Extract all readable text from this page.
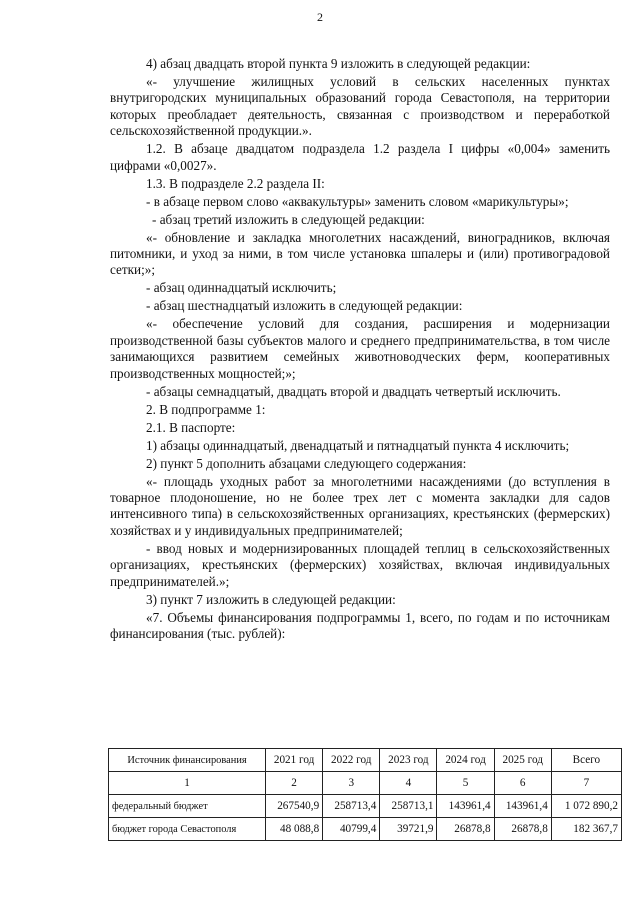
2

4) абзац двадцать второй пункта 9 изложить в следующей редакции:

«- улучшение жилищных условий в сельских населенных пунктах внутригородских муниципальных образований города Севастополя, на территории которых преобладает деятельность, связанная с производством и переработкой сельскохозяйственной продукции.».

1.2. В абзаце двадцатом подраздела 1.2 раздела I цифры «0,004» заменить цифрами «0,0027».

1.3. В подразделе 2.2 раздела II:

- в абзаце первом слово «аквакультуры» заменить словом «марикультуры»;

- абзац третий изложить в следующей редакции:

«- обновление и закладка многолетних насаждений, виноградников, включая питомники, и уход за ними, в том числе установка шпалеры и (или) противоградовой сетки;»;

- абзац одиннадцатый исключить;

- абзац шестнадцатый изложить в следующей редакции:

«- обеспечение условий для создания, расширения и модернизации производственной базы субъектов малого и среднего предпринимательства, в том числе занимающихся развитием семейных животноводческих ферм, кооперативных производственных мощностей;»;

- абзацы семнадцатый, двадцать второй и двадцать четвертый исключить.

2. В подпрограмме 1:

2.1. В паспорте:

1) абзацы одиннадцатый, двенадцатый и пятнадцатый пункта 4 исключить;

2) пункт 5 дополнить абзацами следующего содержания:

«- площадь уходных работ за многолетними насаждениями (до вступления в товарное плодоношение, но не более трех лет с момента закладки для садов интенсивного типа) в сельскохозяйственных организациях, крестьянских (фермерских) хозяйствах и у индивидуальных предпринимателей;

- ввод новых и модернизированных площадей теплиц в сельскохозяйственных организациях, крестьянских (фермерских) хозяйствах, включая индивидуальных предпринимателей.»;

3) пункт 7 изложить в следующей редакции:

«7. Объемы финансирования подпрограммы 1, всего, по годам и по источникам финансирования (тыс. рублей):

Источник финансирования	2021 год	2022 год	2023 год	2024 год	2025 год	Всего
1	2	3	4	5	6	7
федеральный бюджет	267540,9	258713,4	258713,1	143961,4	143961,4	1 072 890,2
бюджет города Севастополя	48 088,8	40799,4	39721,9	26878,8	26878,8	182 367,7
